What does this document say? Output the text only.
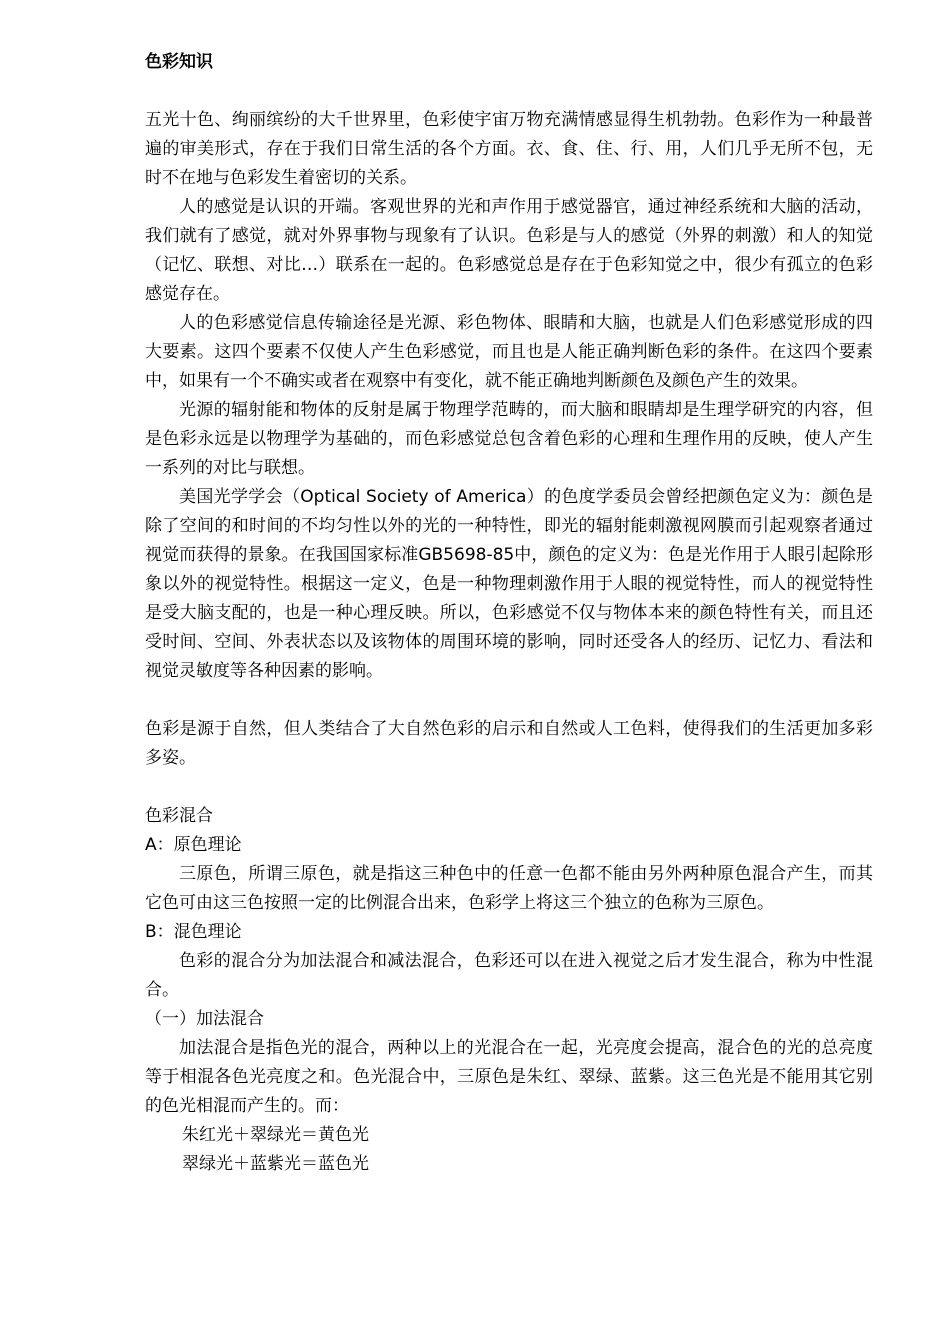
色彩知识

五光十色、绚丽缤纷的大千世界里，色彩使宇宙万物充满情感显得生机勃勃。色彩作为一种最普遍的审美形式，存在于我们日常生活的各个方面。衣、食、住、行、用，人们几乎无所不包，无时不在地与色彩发生着密切的关系。

人的感觉是认识的开端。客观世界的光和声作用于感觉器官，通过神经系统和大脑的活动，我们就有了感觉，就对外界事物与现象有了认识。色彩是与人的感觉（外界的刺激）和人的知觉（记忆、联想、对比…）联系在一起的。色彩感觉总是存在于色彩知觉之中，很少有孤立的色彩感觉存在。

人的色彩感觉信息传输途径是光源、彩色物体、眼睛和大脑，也就是人们色彩感觉形成的四大要素。这四个要素不仅使人产生色彩感觉，而且也是人能正确判断色彩的条件。在这四个要素中，如果有一个不确实或者在观察中有变化，就不能正确地判断颜色及颜色产生的效果。

光源的辐射能和物体的反射是属于物理学范畴的，而大脑和眼睛却是生理学研究的内容，但是色彩永远是以物理学为基础的，而色彩感觉总包含着色彩的心理和生理作用的反映，使人产生一系列的对比与联想。

美国光学学会（Optical Society of America）的色度学委员会曾经把颜色定义为：颜色是除了空间的和时间的不均匀性以外的光的一种特性，即光的辐射能刺激视网膜而引起观察者通过视觉而获得的景象。在我国国家标准GB5698-85中，颜色的定义为：色是光作用于人眼引起除形象以外的视觉特性。根据这一定义，色是一种物理刺激作用于人眼的视觉特性，而人的视觉特性是受大脑支配的，也是一种心理反映。所以，色彩感觉不仅与物体本来的颜色特性有关，而且还受时间、空间、外表状态以及该物体的周围环境的影响，同时还受各人的经历、记忆力、看法和视觉灵敏度等各种因素的影响。

色彩是源于自然，但人类结合了大自然色彩的启示和自然或人工色料，使得我们的生活更加多彩多姿。

色彩混合
A：原色理论

三原色，所谓三原色，就是指这三种色中的任意一色都不能由另外两种原色混合产生，而其它色可由这三色按照一定的比例混合出来，色彩学上将这三个独立的色称为三原色。

B：混色理论

色彩的混合分为加法混合和减法混合，色彩还可以在进入视觉之后才发生混合，称为中性混合。

（一）加法混合

加法混合是指色光的混合，两种以上的光混合在一起，光亮度会提高，混合色的光的总亮度等于相混各色光亮度之和。色光混合中，三原色是朱红、翠绿、蓝紫。这三色光是不能用其它别的色光相混而产生的。而：

朱红光＋翠绿光＝黄色光
翠绿光＋蓝紫光＝蓝色光
